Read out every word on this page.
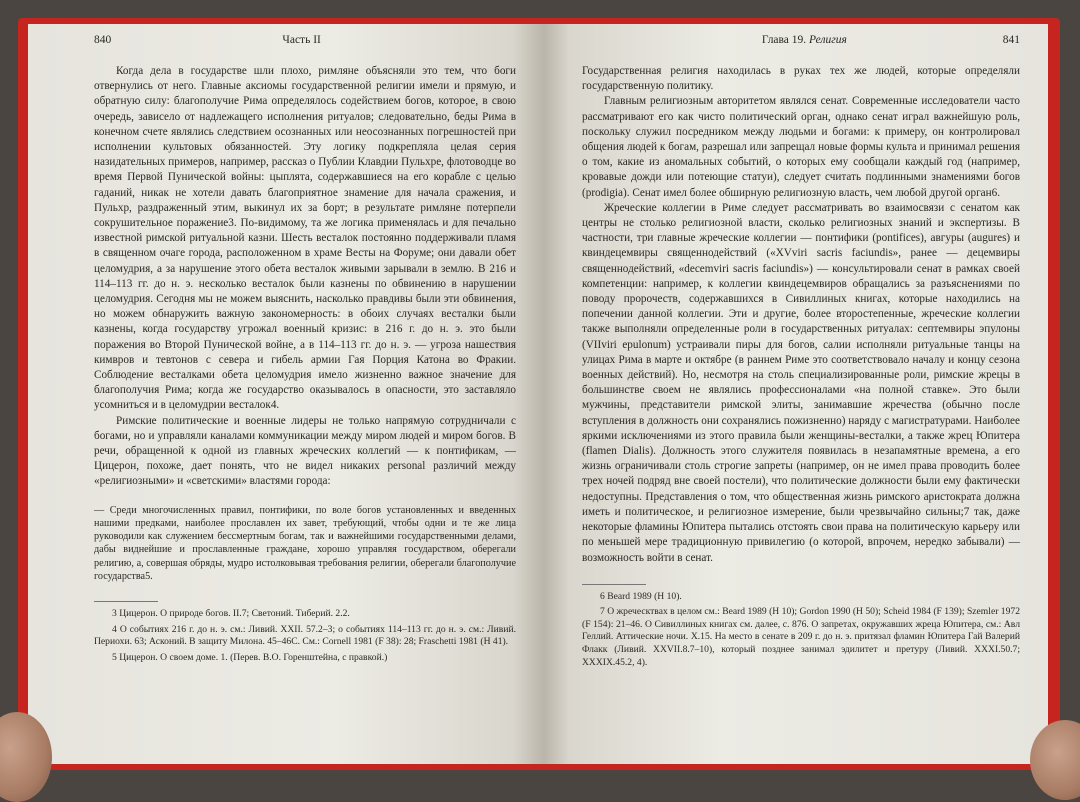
840	Часть II

Когда дела в государстве шли плохо, римляне объясняли это тем, что боги отвернулись от него. Главные аксиомы государственной религии имели и прямую, и обратную силу: благополучие Рима определялось содействием богов, которое, в свою очередь, зависело от надлежащего исполнения ритуалов; следовательно, беды Рима в конечном счете являлись следствием осознанных или неосознанных погрешностей при исполнении культовых обязанностей. Эту логику подкрепляла целая серия назидательных примеров, например, рассказ о Публии Клавдии Пульхре, флотоводце во время Первой Пунической войны: цыплята, содержавшиеся на его корабле с целью гаданий, никак не хотели давать благоприятное знамение для начала сражения, и Пульхр, раздраженный этим, выкинул их за борт; в результате римляне потерпели сокрушительное поражение3. По-видимому, та же логика применялась и для печально известной римской ритуальной казни. Шесть весталок постоянно поддерживали пламя в священном очаге города, расположенном в храме Весты на Форуме; они давали обет целомудрия, а за нарушение этого обета весталок живыми зарывали в землю. В 216 и 114–113 гг. до н. э. несколько весталок были казнены по обвинению в нарушении целомудрия. Сегодня мы не можем выяснить, насколько правдивы были эти обвинения, но можем обнаружить важную закономерность: в обоих случаях весталки были казнены, когда государству угрожал военный кризис: в 216 г. до н. э. это были поражения во Второй Пунической войне, а в 114–113 гг. до н. э. — угроза нашествия кимвров и тевтонов с севера и гибель армии Гая Порция Катона во Фракии. Соблюдение весталками обета целомудрия имело жизненно важное значение для благополучия Рима; когда же государство оказывалось в опасности, это заставляло усомниться и в целомудрии весталок4.

Римские политические и военные лидеры не только напрямую сотрудничали с богами, но и управляли каналами коммуникации между миром людей и миром богов. В речи, обращенной к одной из главных жреческих коллегий — к понтификам, — Цицерон, похоже, дает понять, что не видел никаких personal различий между «религиозными» и «светскими» властями города:

— Среди многочисленных правил, понтифики, по воле богов установленных и введенных нашими предками, наиболее прославлен их завет, требующий, чтобы одни и те же лица руководили как служением бессмертным богам, так и важнейшими государственными делами, дабы виднейшие и прославленные граждане, хорошо управляя государством, оберегали религию, а, совершая обряды, мудро истолковывая требования религии, оберегали благополучие государства5.

3 Цицерон. О природе богов. II.7; Светоний. Тиберий. 2.2.

4 О событиях 216 г. до н. э. см.: Ливий. XXII. 57.2–3; о событиях 114–113 гг. до н. э. см.: Ливий. Периохи. 63; Асконий. В защиту Милона. 45–46С. См.: Cornell 1981 (F 38): 28; Fraschetti 1981 (H 41).

5 Цицерон. О своем доме. 1. (Перев. В.О. Горенштейна, с правкой.)

Глава 19. Религия	841

Государственная религия находилась в руках тех же людей, которые определяли государственную политику.

Главным религиозным авторитетом являлся сенат. Современные исследователи часто рассматривают его как чисто политический орган, однако сенат играл важнейшую роль, поскольку служил посредником между людьми и богами: к примеру, он контролировал общения людей к богам, разрешал или запрещал новые формы культа и принимал решения о том, какие из аномальных событий, о которых ему сообщали каждый год (например, кровавые дожди или потеющие статуи), следует считать подлинными знамениями богов (prodigia). Сенат имел более обширную религиозную власть, чем любой другой орган6.

Жреческие коллегии в Риме следует рассматривать во взаимосвязи с сенатом как центры не столько религиозной власти, сколько религиозных знаний и экспертизы. В частности, три главные жреческие коллегии — понтифики (pontifices), авгуры (augures) и квиндецемвиры священнодействий («XVviri sacris faciundis», ранее — децемвиры священнодействий, «decemviri sacris faciundis») — консультировали сенат в рамках своей компетенции: например, к коллегии квиндецемвиров обращались за разъяснениями по поводу пророчеств, содержавшихся в Сивиллиных книгах, которые находились на попечении данной коллегии. Эти и другие, более второстепенные, жреческие коллегии также выполняли определенные роли в государственных ритуалах: септемвиры эпулоны (VIIviri epulonum) устраивали пиры для богов, салии исполняли ритуальные танцы на улицах Рима в марте и октябре (в раннем Риме это соответствовало началу и концу сезона военных действий). Но, несмотря на столь специализированные роли, римские жрецы в большинстве своем не являлись профессионалами «на полной ставке». Это были мужчины, представители римской элиты, занимавшие жречества (обычно после вступления в должность они сохранялись пожизненно) наряду с магистратурами. Наиболее яркими исключениями из этого правила были женщины-весталки, а также жрец Юпитера (flamen Dialis). Должность этого служителя появилась в незапамятные времена, а его жизнь ограничивали столь строгие запреты (например, он не имел права проводить более трех ночей подряд вне своей постели), что политические должности были ему фактически недоступны. Представления о том, что общественная жизнь римского аристократа должна иметь и политическое, и религиозное измерение, были чрезвычайно сильны;7 так, даже некоторые фламины Юпитера пытались отстоять свои права на политическую карьеру или по меньшей мере традиционную привилегию (о которой, впрочем, нередко забывали) — возможность войти в сенат.

6 Beard 1989 (H 10).

7 О жреческтвах в целом см.: Beard 1989 (H 10); Gordon 1990 (H 50); Scheid 1984 (F 139); Szemler 1972 (F 154): 21–46. О Сивиллиных книгах см. далее, с. 876. О запретах, окружавших жреца Юпитера, см.: Авл Геллий. Аттические ночи. X.15. На место в сенате в 209 г. до н. э. притязал фламин Юпитера Гай Валерий Флакк (Ливий. XXVII.8.7–10), который позднее занимал эдилитет и претуру (Ливий. XXXI.50.7; XXXIX.45.2, 4).
